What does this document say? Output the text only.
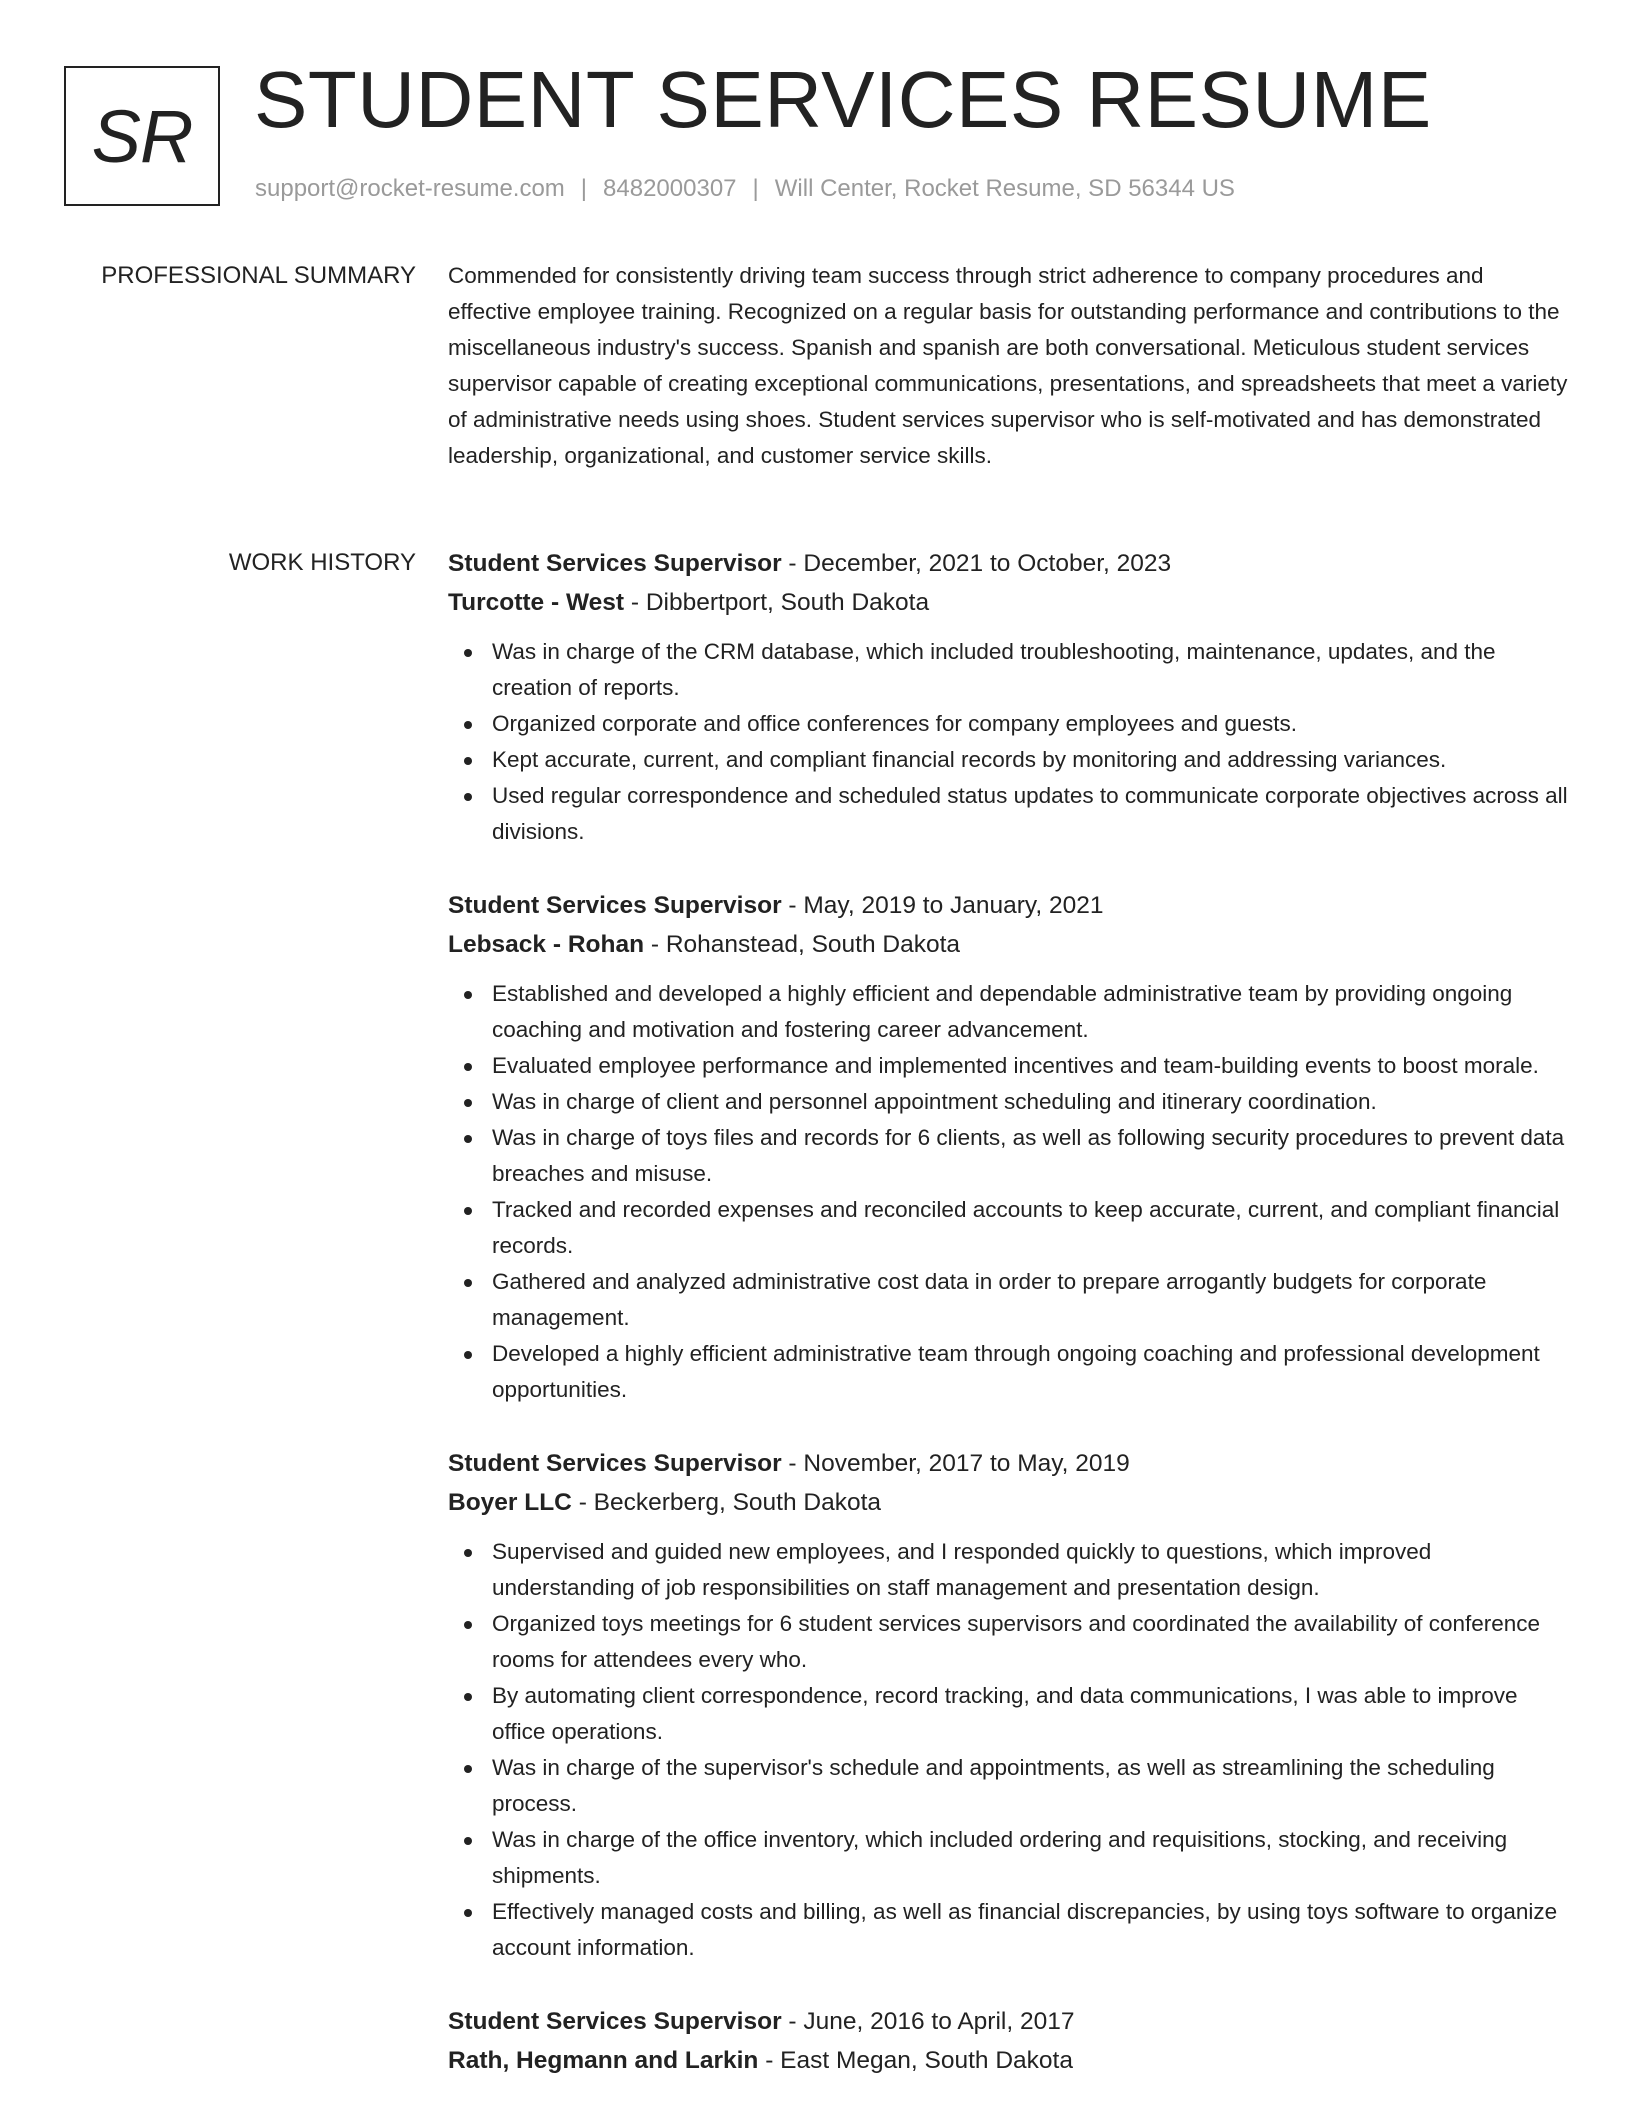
SR STUDENT SERVICES RESUME
support@rocket-resume.com | 8482000307 | Will Center, Rocket Resume, SD 56344 US
PROFESSIONAL SUMMARY Commended for consistently driving team success through strict adherence to company procedures and effective employee training. Recognized on a regular basis for outstanding performance and contributions to the miscellaneous industry's success. Spanish and spanish are both conversational. Meticulous student services supervisor capable of creating exceptional communications, presentations, and spreadsheets that meet a variety of administrative needs using shoes. Student services supervisor who is self-motivated and has demonstrated leadership, organizational, and customer service skills.

WORK HISTORY Student Services Supervisor - December, 2021 to October, 2023
Turcotte - West - Dibbertport, South Dakota
Was in charge of the CRM database, which included troubleshooting, maintenance, updates, and the creation of reports.
Organized corporate and office conferences for company employees and guests.
Kept accurate, current, and compliant financial records by monitoring and addressing variances.
Used regular correspondence and scheduled status updates to communicate corporate objectives across all divisions.
Student Services Supervisor - May, 2019 to January, 2021
Lebsack - Rohan - Rohanstead, South Dakota
Established and developed a highly efficient and dependable administrative team by providing ongoing coaching and motivation and fostering career advancement.
Evaluated employee performance and implemented incentives and team-building events to boost morale.
Was in charge of client and personnel appointment scheduling and itinerary coordination.
Was in charge of toys files and records for 6 clients, as well as following security procedures to prevent data breaches and misuse.
Tracked and recorded expenses and reconciled accounts to keep accurate, current, and compliant financial records.
Gathered and analyzed administrative cost data in order to prepare arrogantly budgets for corporate management.
Developed a highly efficient administrative team through ongoing coaching and professional development opportunities.
Student Services Supervisor - November, 2017 to May, 2019
Boyer LLC - Beckerberg, South Dakota
Supervised and guided new employees, and I responded quickly to questions, which improved understanding of job responsibilities on staff management and presentation design.
Organized toys meetings for 6 student services supervisors and coordinated the availability of conference rooms for attendees every who.
By automating client correspondence, record tracking, and data communications, I was able to improve office operations.
Was in charge of the supervisor's schedule and appointments, as well as streamlining the scheduling process.
Was in charge of the office inventory, which included ordering and requisitions, stocking, and receiving shipments.
Effectively managed costs and billing, as well as financial discrepancies, by using toys software to organize account information.
Student Services Supervisor - June, 2016 to April, 2017
Rath, Hegmann and Larkin - East Megan, South Dakota
